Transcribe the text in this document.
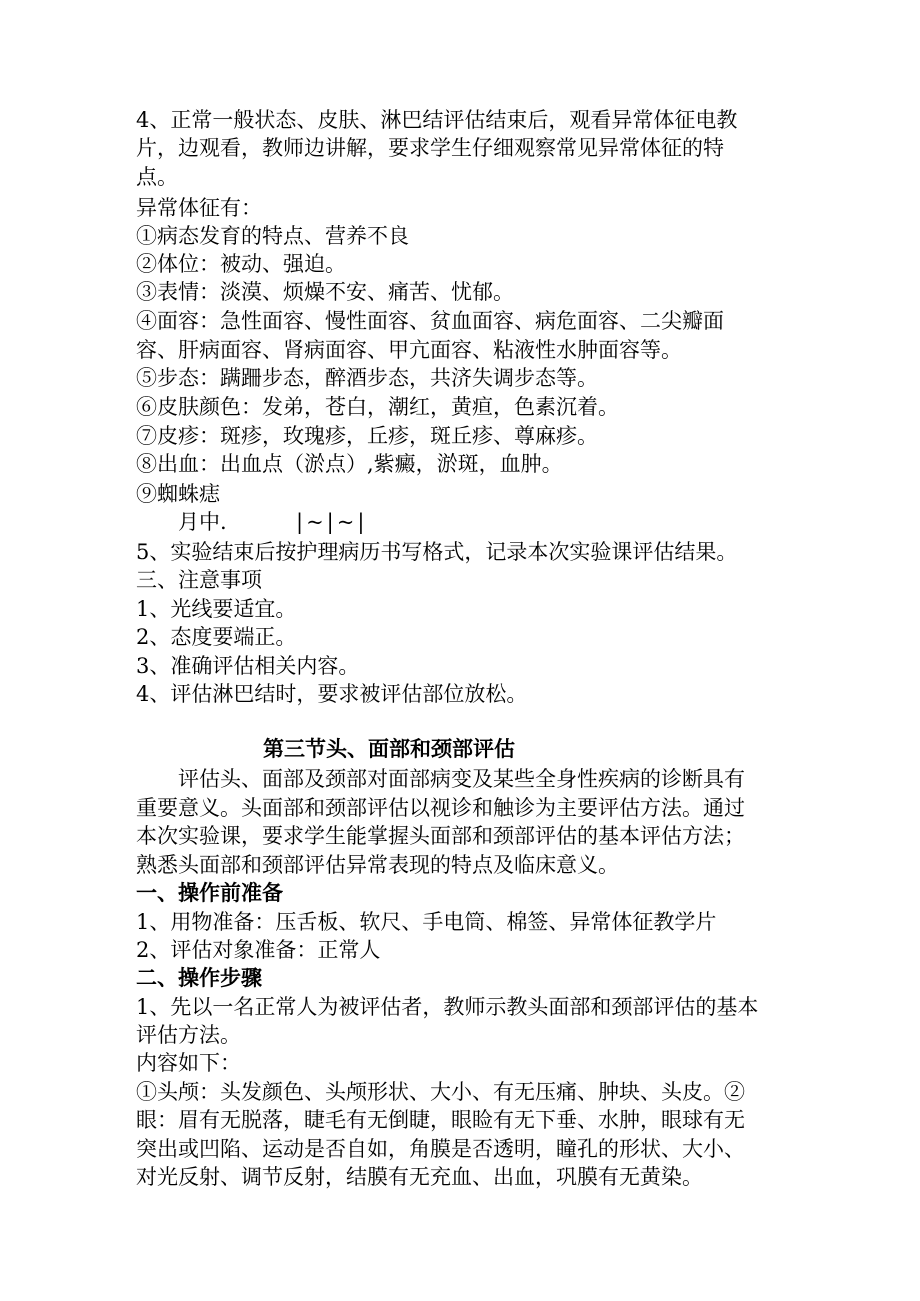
4、正常一般状态、皮肤、淋巴结评估结束后，观看异常体征电教
片，边观看，教师边讲解，要求学生仔细观察常见异常体征的特
点。
异常体征有：
①病态发育的特点、营养不良
②体位：被动、强迫。
③表情：淡漠、烦燥不安、痛苦、忧郁。
④面容：急性面容、慢性面容、贫血面容、病危面容、二尖瓣面
容、肝病面容、肾病面容、甲亢面容、粘液性水肿面容等。
⑤步态：蹒跚步态，醉酒步态，共济失调步态等。
⑥皮肤颜色：发弟，苍白，潮红，黄疸，色素沉着。
⑦皮疹：斑疹，玫瑰疹，丘疹，斑丘疹、尊麻疹。
⑧出血：出血点（淤点）,紫癜，淤斑，血肿。
⑨蜘蛛痣
月中.	|~|~|
5、实验结束后按护理病历书写格式，记录本次实验课评估结果。
三、注意事项
1、光线要适宜。
2、态度要端正。
3、准确评估相关内容。
4、评估淋巴结时，要求被评估部位放松。
第三节头、面部和颈部评估
评估头、面部及颈部对面部病变及某些全身性疾病的诊断具有
重要意义。头面部和颈部评估以视诊和触诊为主要评估方法。通过
本次实验课，要求学生能掌握头面部和颈部评估的基本评估方法；
熟悉头面部和颈部评估异常表现的特点及临床意义。
一、操作前准备
1、用物准备：压舌板、软尺、手电筒、棉签、异常体征教学片
2、评估对象准备：正常人
二、操作步骤
1、先以一名正常人为被评估者，教师示教头面部和颈部评估的基本
评估方法。
内容如下：
①头颅：头发颜色、头颅形状、大小、有无压痛、肿块、头皮。②
眼：眉有无脱落，睫毛有无倒睫，眼睑有无下垂、水肿，眼球有无
突出或凹陷、运动是否自如，角膜是否透明，瞳孔的形状、大小、
对光反射、调节反射，结膜有无充血、出血，巩膜有无黄染。
